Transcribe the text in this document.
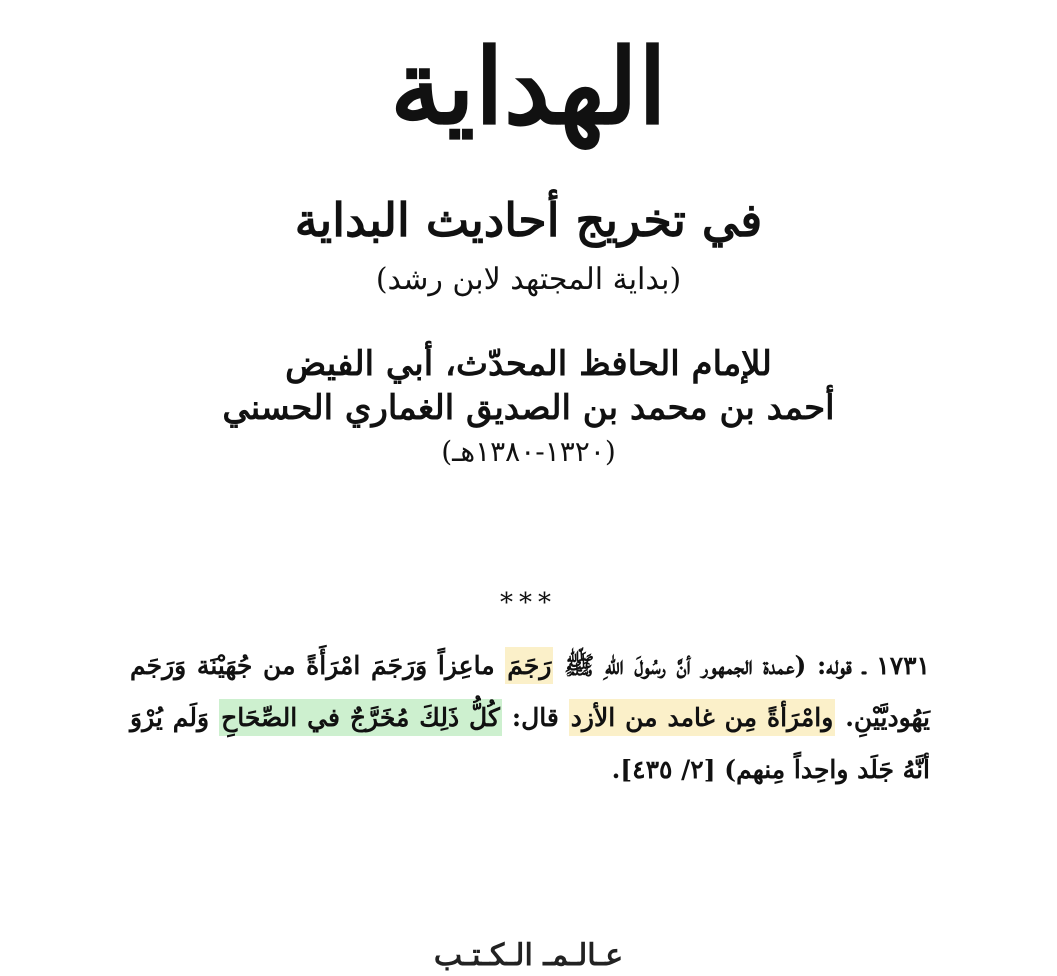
الهداية
في تخريج أحاديث البداية
(بداية المجتهد لابن رشد)
للإمام الحافظ المحدّث، أبي الفيض
أحمد بن محمد بن الصديق الغماري الحسني
(١٣٢٠-١٣٨٠هـ)
***
١٧٣١ ـ قوله: (عمدة الجمهور أنَّ رسُولَ اللهِ ﷺ رَجَمَ ماعِزاً وَرَجَمَ امْرَأَةً من جُهَيْنَة وَرَجَم يَهُوديَّيْنِ. وامْرَأةً مِن غامد من الأزد قال: كُلُّ ذَلِكَ مُخَرَّجٌ في الصِّحَاحِ وَلَم يُرْوَ أنَّهُ جَلَد واحِداً مِنهم) [٢/ ٤٣٥].
عـالـمـ الـكـتـب
